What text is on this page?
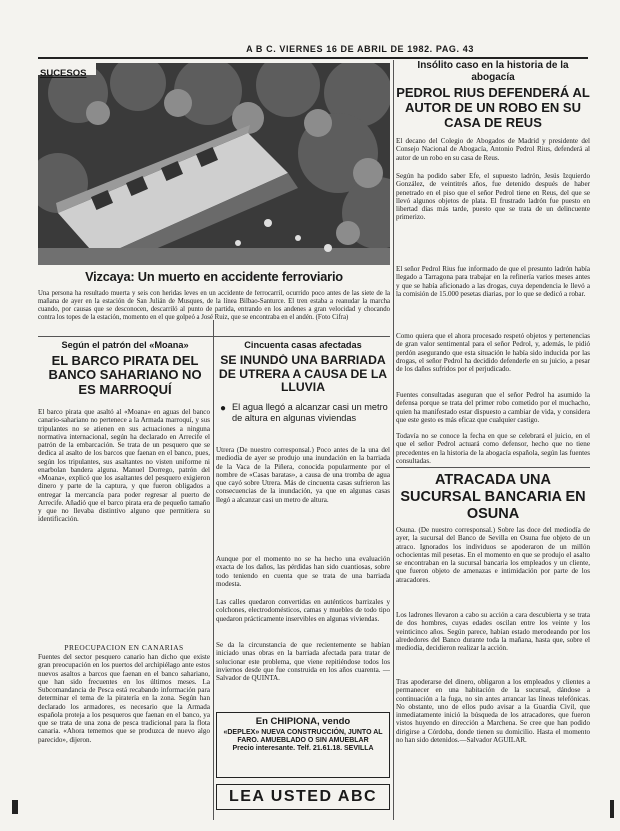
A B C. VIERNES 16 DE ABRIL DE 1982. PAG. 43
SUCESOS
Vizcaya: Un muerto en accidente ferroviario
Una persona ha resultado muerta y seis con heridas leves en un accidente de ferrocarril, ocurrido poco antes de las siete de la mañana de ayer en la estación de San Julián de Musques, de la línea Bilbao-Santurce. El tren estaba a reanudar la marcha cuando, por causas que se desconocen, descarriló al punto de partida, entrando en los andenes a gran velocidad y chocando contra los topes de la estación, momento en el que golpeó a José Ruiz, que se encontraba en el andén. (Foto Cifra)
Según el patrón del «Moana»
EL BARCO PIRATA DEL BANCO SAHARIANO NO ES MARROQUÍ
El barco pirata que asaltó al «Moana» en aguas del banco canario-sahariano no pertenece a la Armada marroquí, y sus tripulantes no se atienen en sus actuaciones a ninguna normativa internacional, según ha declarado en Arrecife el patrón de la embarcación. Se trata de un pesquero que se dedica al asalto de los barcos que faenan en el banco, pues, según los tripulantes, sus asaltantes no visten uniforme ni enarbolan bandera alguna. Manuel Dorrego, patrón del «Moana», explicó que los asaltantes del pesquero exigieron dinero y parte de la captura, y que fueron obligados a entregar la mercancía para poder regresar al puerto de Arrecife. Añadió que el barco pirata era de pequeño tamaño y que no llevaba distintivo alguno que permitiera su identificación.
PREOCUPACION EN CANARIAS
Fuentes del sector pesquero canario han dicho que existe gran preocupación en los puertos del archipiélago ante estos nuevos asaltos a barcos que faenan en el banco sahariano, que han sido frecuentes en los últimos meses. La Subcomandancia de Pesca está recabando información para determinar el tema de la piratería en la zona. Según han declarado los armadores, es necesario que la Armada española proteja a los pesqueros que faenan en el banco, ya que se trata de una zona de pesca tradicional para la flota canaria. «Ahora tememos que se produzca de nuevo algo parecido», dijeron.
Cincuenta casas afectadas
SE INUNDÓ UNA BARRIADA DE UTRERA A CAUSA DE LA LLUVIA
● El agua llegó a alcanzar casi un metro de altura en algunas viviendas
Utrera (De nuestro corresponsal.) Poco antes de la una del mediodía de ayer se produjo una inundación en la barriada de la Vaca de la Piñera, conocida popularmente por el nombre de «Casas baratas», a causa de una tromba de agua que cayó sobre Utrera. Más de cincuenta casas sufrieron las consecuencias de la inundación, ya que en algunas casas llegó a alcanzar casi un metro de altura.
Aunque por el momento no se ha hecho una evaluación exacta de los daños, las pérdidas han sido cuantiosas, sobre todo teniendo en cuenta que se trata de una barriada modesta.
Las calles quedaron convertidas en auténticos barrizales y colchones, electrodomésticos, camas y muebles de todo tipo quedaron prácticamente inservibles en algunas viviendas.
Se da la circunstancia de que recientemente se habían iniciado unas obras en la barriada afectada para tratar de solucionar este problema, que viene repitiéndose todos los inviernos desde que fue construida en los años cuarenta. —Salvador de QUINTA.
En CHIPIONA, vendo
«DEPLEX» NUEVA CONSTRUCCIÓN, JUNTO AL FARO. AMUEBLADO O SIN AMUEBLAR
Precio interesante. Telf. 21.61.18. SEVILLA
LEA USTED ABC
Insólito caso en la historia de la abogacía
PEDROL RIUS DEFENDERÁ AL AUTOR DE UN ROBO EN SU CASA DE REUS
El decano del Colegio de Abogados de Madrid y presidente del Consejo Nacional de Abogacía, Antonio Pedrol Rius, defenderá al autor de un robo en su casa de Reus.
Según ha podido saber Efe, el supuesto ladrón, Jesús Izquierdo González, de veintitrés años, fue detenido después de haber penetrado en el piso que el señor Pedrol tiene en Reus, del que se llevó algunos objetos de plata. El frustrado ladrón fue puesto en libertad días más tarde, puesto que se trata de un delincuente primerizo.
El señor Pedrol Rius fue informado de que el presunto ladrón había llegado a Tarragona para trabajar en la refinería varios meses antes y que se había aficionado a las drogas, cuya dependencia le llevó a la comisión de 15.000 pesetas diarias, por lo que se dedicó a robar.
Como quiera que el ahora procesado respetó objetos y pertenencias de gran valor sentimental para el señor Pedrol, y, además, le pidió perdón asegurando que esta situación le había sido inducida por las drogas, el señor Pedrol ha decidido defenderle en su juicio, a pesar de los daños sufridos por el perjudicado.
Fuentes consultadas aseguran que el señor Pedrol ha asumido la defensa porque se trata del primer robo cometido por el muchacho, quien ha manifestado estar dispuesto a cambiar de vida, y considera que este gesto es más eficaz que cualquier castigo.
Todavía no se conoce la fecha en que se celebrará el juicio, en el que el señor Pedrol actuará como defensor, hecho que no tiene precedentes en la historia de la abogacía española, según las fuentes consultadas.
ATRACADA UNA SUCURSAL BANCARIA EN OSUNA
Osuna. (De nuestro corresponsal.) Sobre las doce del mediodía de ayer, la sucursal del Banco de Sevilla en Osuna fue objeto de un atraco. Ignorados los individuos se apoderaron de un millón ochocientas mil pesetas. En el momento en que se produjo el asalto se encontraban en la sucursal bancaria los empleados y un cliente, que fueron objeto de amenazas e intimidación por parte de los atracadores.
Los ladrones llevaron a cabo su acción a cara descubierta y se trata de dos hombres, cuyas edades oscilan entre los veinte y los veinticinco años. Según parece, habían estado merodeando por los alrededores del Banco durante toda la mañana, hasta que, sobre el mediodía, decidieron realizar la acción.
Tras apoderarse del dinero, obligaron a los empleados y clientes a permanecer en una habitación de la sucursal, dándose a continuación a la fuga, no sin antes arrancar las líneas telefónicas. No obstante, uno de ellos pudo avisar a la Guardia Civil, que inmediatamente inició la búsqueda de los atracadores, que fueron vistos huyendo en dirección a Marchena. Se cree que han podido dirigirse a Córdoba, donde tienen su domicilio. Hasta el momento no han sido detenidos.—Salvador AGUILAR.
